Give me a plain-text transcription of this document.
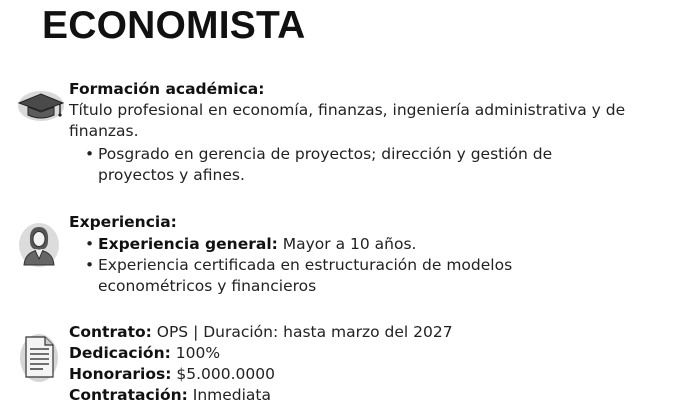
ECONOMISTA
Formación académica:

Título profesional en economía, finanzas, ingeniería administrativa y de finanzas.

• Posgrado en gerencia de proyectos; dirección y gestión de proyectos y afines.
Experiencia:
• Experiencia general: Mayor a 10 años.
• Experiencia certificada en estructuración de modelos econométricos y financieros
Contrato: OPS | Duración: hasta marzo del 2027
Dedicación: 100%
Honorarios: $5.000.0000
Contratación: Inmediata
